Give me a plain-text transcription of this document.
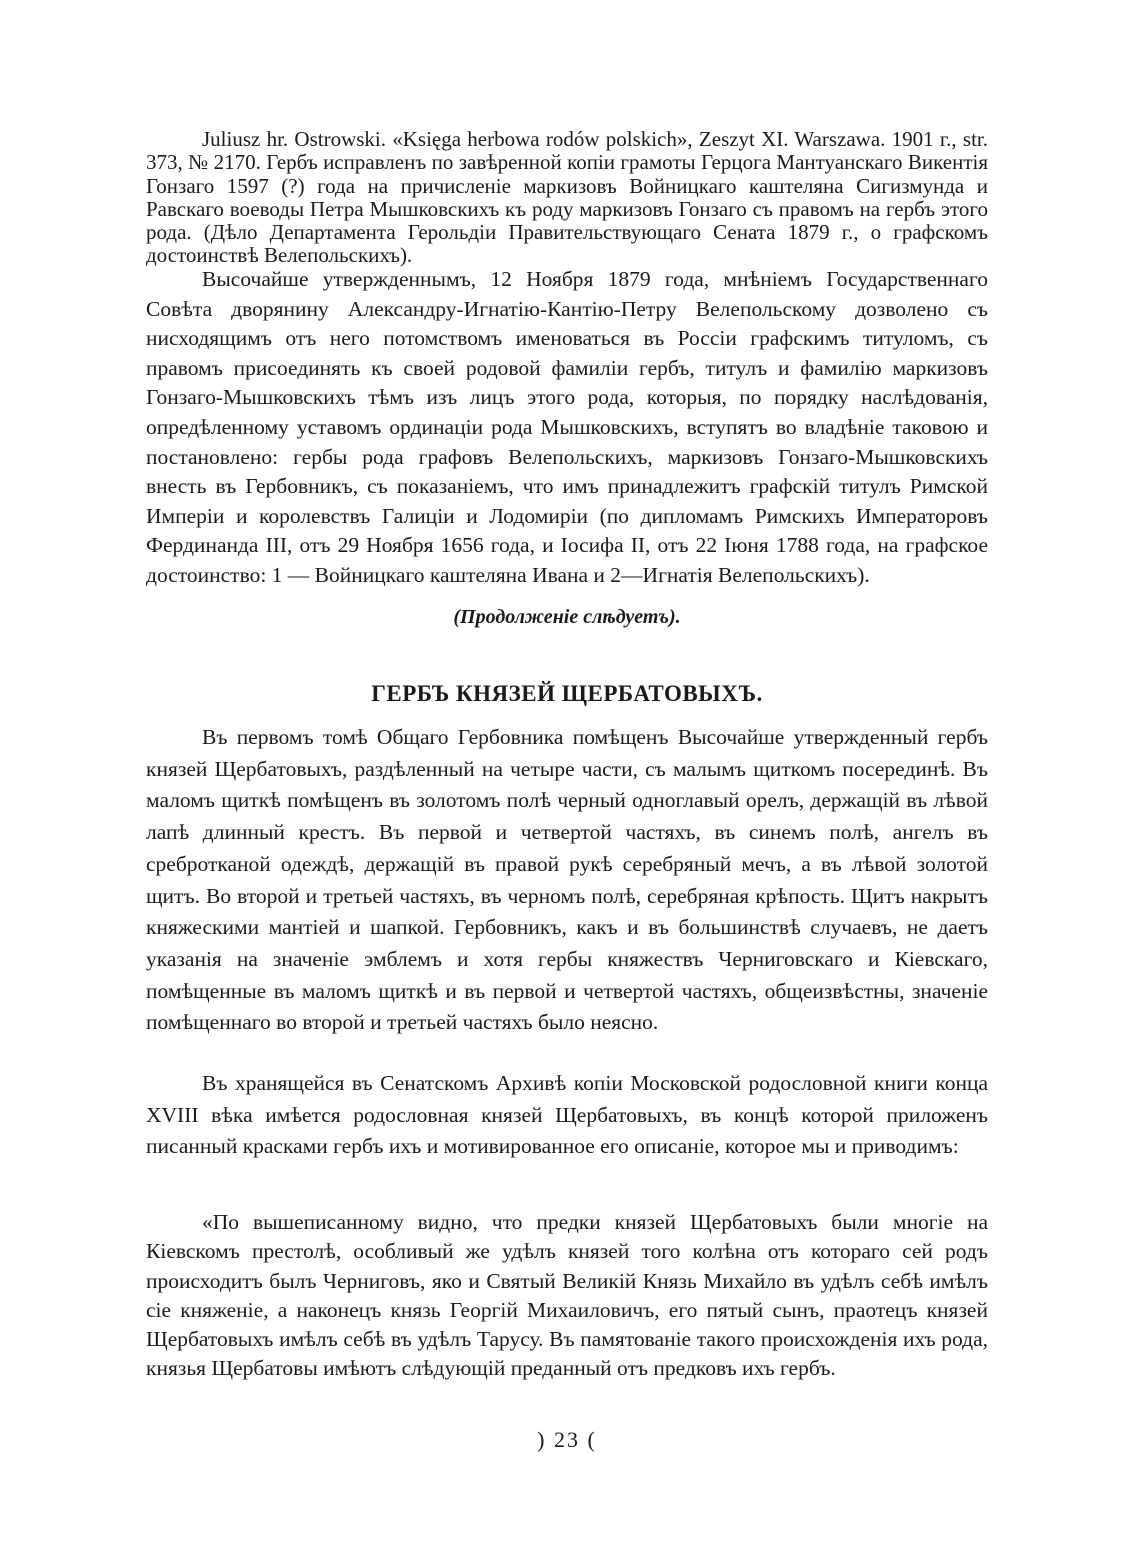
Juliusz hr. Ostrowski. «Księga herbowa rodów polskich», Zeszyt XI. Warszawa. 1901 г., str. 373, № 2170. Гербъ исправленъ по завѣренной копіи грамоты Герцога Мантуанскаго Викентія Гонзаго 1597 (?) года на причисленіе маркизовъ Войницкаго каштеляна Сигизмунда и Равскаго воеводы Петра Мышковскихъ къ роду маркизовъ Гонзаго съ правомъ на гербъ этого рода. (Дѣло Департамента Герольдіи Правительствующаго Сената 1879 г., о графскомъ достоинствѣ Велепольскихъ).

Высочайше утвержденнымъ, 12 Ноября 1879 года, мнѣніемъ Государственнаго Совѣта дворянину Александру-Игнатію-Кантію-Петру Велепольскому дозволено съ нисходящимъ отъ него потомствомъ именоваться въ Россіи графскимъ титуломъ, съ правомъ присоединять къ своей родовой фамиліи гербъ, титулъ и фамилію маркизовъ Гонзаго-Мышковскихъ тѣмъ изъ лицъ этого рода, которыя, по порядку наслѣдованія, опредѣленному уставомъ ординаціи рода Мышковскихъ, вступятъ во владѣніе таковою и постановлено: гербы рода графовъ Велепольскихъ, маркизовъ Гонзаго-Мышковскихъ внесть въ Гербовникъ, съ показаніемъ, что имъ принадлежитъ графскій титулъ Римской Имперіи и королевствъ Галиціи и Лодомиріи (по дипломамъ Римскихъ Императоровъ Фердинанда III, отъ 29 Ноября 1656 года, и Іосифа II, отъ 22 Іюня 1788 года, на графское достоинство: 1 — Войницкаго каштеляна Ивана и 2—Игнатія Велепольскихъ).

(Продолженіе слѣдуетъ).
ГЕРБЪ КНЯЗЕЙ ЩЕРБАТОВЫХЪ.

Въ первомъ томѣ Общаго Гербовника помѣщенъ Высочайше утвержденный гербъ князей Щербатовыхъ, раздѣленный на четыре части, съ малымъ щиткомъ посерединѣ. Въ маломъ щиткѣ помѣщенъ въ золотомъ полѣ черный одноглавый орелъ, держащій въ лѣвой лапѣ длинный крестъ. Въ первой и четвертой частяхъ, въ синемъ полѣ, ангелъ въ сребротканой одеждѣ, держащій въ правой рукѣ серебряный мечъ, а въ лѣвой золотой щитъ. Во второй и третьей частяхъ, въ черномъ полѣ, серебряная крѣпость. Щитъ накрытъ княжескими мантіей и шапкой. Гербовникъ, какъ и въ большинствѣ случаевъ, не даетъ указанія на значеніе эмблемъ и хотя гербы княжествъ Черниговскаго и Кіевскаго, помѣщенные въ маломъ щиткѣ и въ первой и четвертой частяхъ, общеизвѣстны, значеніе помѣщеннаго во второй и третьей частяхъ было неясно.

Въ хранящейся въ Сенатскомъ Архивѣ копіи Московской родословной книги конца XVIII вѣка имѣется родословная князей Щербатовыхъ, въ концѣ которой приложенъ писанный красками гербъ ихъ и мотивированное его описаніе, которое мы и приводимъ:

«По вышеписанному видно, что предки князей Щербатовыхъ были многіе на Кіевскомъ престолѣ, особливый же удѣлъ князей того колѣна отъ котораго сей родъ происходитъ былъ Черниговъ, яко и Святый Великій Князь Михайло въ удѣлъ себѣ имѣлъ сіе княженіе, а наконецъ князь Георгій Михаиловичъ, его пятый сынъ, праотецъ князей Щербатовыхъ имѣлъ себѣ въ удѣлъ Тарусу. Въ памятованіе такого происхожденія ихъ рода, князья Щербатовы имѣютъ слѣдующій преданный отъ предковъ ихъ гербъ.

) 23 (
